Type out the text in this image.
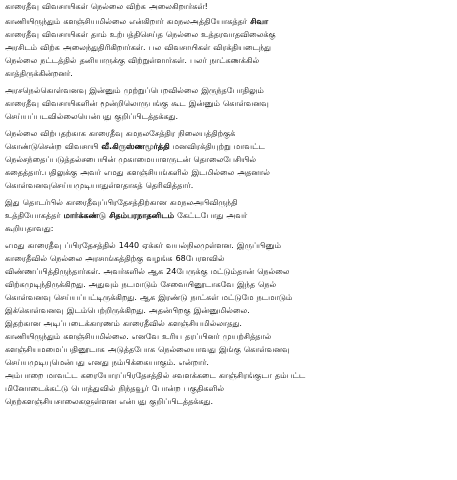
காரைதீவு விவசாயிகள் நெல்லை விற்க அலைகிறார்கள்!
காணியிருந்தும் களஞ்சியமில்லை என்கிறார் கமநலஅத்தியோகத்தர் சிவா
காரைதீவு விவசாயிகள் தாம் உற்பத்திசெய்த நெல்லை உத்தரவாதவிலைக்கு
அரசிடம் விற்க அலைந்துதிரிகிறார்கள். பல விவசாயிகள் விரக்தியடைந்து
நெல்லை நட்டத்தில் தனியாருக்கு விற்றுள்ளார்கள். பலர் நாட்கணக்கில்
காத்திருக்கின்றனர்.
அரசநெல்கொள்வனவு இன்னும் முற்றுப்பெறவில்லை இருந்தபோதிலும்
காரைதீவு விவசாயிகளின் மூன்றிலொருபங்கு கூட இன்னும் கொள்வனவு
செய்யப்படவில்லையென்பது குறிப்பிடத்தக்கது.
நெல்லை விற்பதற்காக காரைதீவு கமநலசேத்திர நிலையத்திற்குக்
கொண்டுசென்ற விவசாயி வீ.கிருஸ்ணமூர்த்தி மனவிரக்தியுற்று மாவட்ட
நெல்சந்தைப்படுத்தல்சபையின் முகாமையாளருடன் தொலைபேசியில்
கதைத்தார்.பதிலுக்கு அவர் எமது களஞ்சியங்களில் இடமில்லை அதனால்
கொள்வனவுசெய்யமுடியாதுள்ளதாகத் தெரிவித்தார்.
இது தொடர்பில் காரைதீவுப்பிரதேசத்திற்கான கமநலஅபிவிருந்தி
உத்தியோகத்தர் மார்க்கண்டு சிதம்பரநாதனிடம் கேட்டபோது அவர்
கூறியதாவது:
எமது காரைதீவு ப்பிரதேசத்தில் 1440 ஏக்கர் வயல்நிலமுள்ளன. இருப்பினும்
காரைதீவில் நெல்லை அரசாங்கத்திற்கு வழங்க 68பேரளவில்
விண்ணப்பித்திருந்தார்கள். அவர்களில் ஆக 24பேருக்கு மட்டும்தான் நெல்லை
விற்கமுடிந்திருக்கிறது. அதுவும் நடமாடும் சேவையினூடாகவே இந்த நெல்
கொள்வனவு செய்யப்பட்டிருக்கிறது. ஆக இரண்டு நாட்கள் மட்டுமே நடமாடும்
இக்கொள்வனவு இடம்பெற்றிருக்கிறது. அதன்பிறகு இன்னுமில்லை.
இதற்கான அடிப்படைக்காரணம் காரைதீவில் களஞ்சியமில்லாதது.
காணியிருந்தும் களஞ்சியமில்லை. எனவே உரிய தரப்பினர் முயற்சித்தால்
களஞ்சியமமைப்பதினூடாக அடுத்தபோக நெல்லையாவது இங்கு கொள்வனவு
செய்யமுடியுமென்பது எனது நம்பிக்கையாகும். என்றார்.
அம்பாறை மாவட்ட கரையோரப்பிரதேசத்தில் சவளக்கடை காஞ்சிரங்குடா தம்பட்ட
மினோடைக்கட்டு பொத்துவில் நிந்தவூர் போன்ற பகுதிகளில்
நெற்களஞ்சியசாலைகளுள்ளன என்பது குறிப்பிடத்தக்கது.
